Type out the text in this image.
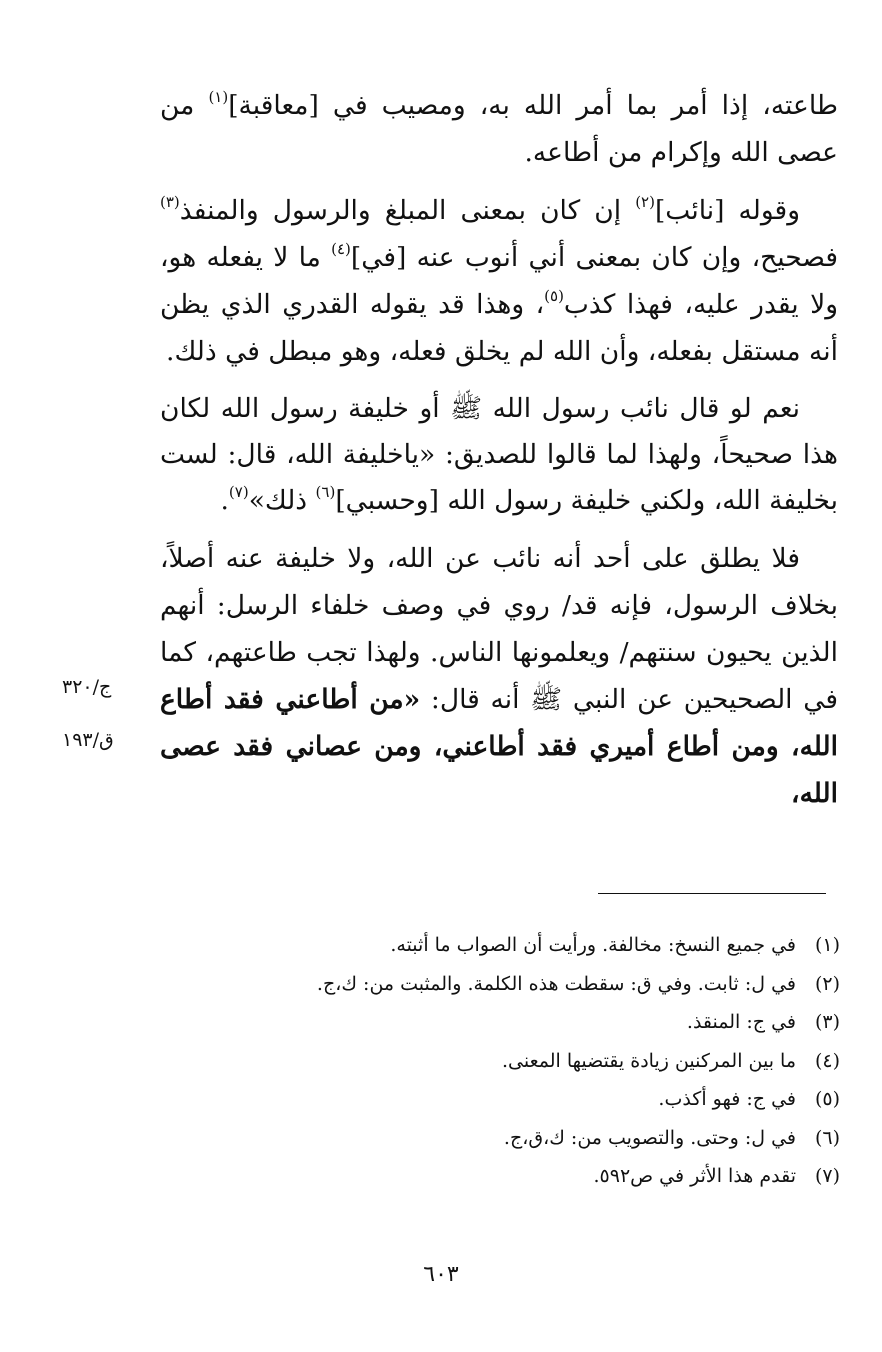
طاعته، إذا أمر بما أمر الله به، ومصيب في [معاقبة]$^{(١)}$ من عصى الله وإكرام من أطاعه.

وقوله [نائب]$^{(٢)}$ إن كان بمعنى المبلغ والرسول والمنفذ$^{(٣)}$ فصحيح، وإن كان بمعنى أني أنوب عنه [في]$^{(٤)}$ ما لا يفعله هو، ولا يقدر عليه، فهذا كذب$^{(٥)}$، وهذا قد يقوله القدري الذي يظن أنه مستقل بفعله، وأن الله لم يخلق فعله، وهو مبطل في ذلك.

نعم لو قال نائب رسول الله ﷺ أو خليفة رسول الله لكان هذا صحيحاً، ولهذا لما قالوا للصديق: «ياخليفة الله، قال: لست بخليفة الله، ولكني خليفة رسول الله [وحسبي]$^{(٦)}$ ذلك»$^{(٧)}$.

فلا يطلق على أحد أنه نائب عن الله، ولا خليفة عنه أصلاً، بخلاف الرسول، فإنه قد/ روي في وصف خلفاء الرسل: أنهم الذين يحيون سنتهم/ ويعلمونها الناس. ولهذا تجب طاعتهم، كما في الصحيحين عن النبي ﷺ أنه قال: «من أطاعني فقد أطاع الله، ومن أطاع أميري فقد أطاعني، ومن عصاني فقد عصى الله،

ج/٣٢٠
ق/١٩٣
(١)
في جميع النسخ: مخالفة. ورأيت أن الصواب ما أثبته.
(٢)
في ل: ثابت. وفي ق: سقطت هذه الكلمة. والمثبت من: ك،ج.
(٣)
في ج: المنقذ.
(٤)
ما بين المركنين زيادة يقتضيها المعنى.
(٥)
في ج: فهو أكذب.
(٦)
في ل: وحتى. والتصويب من: ك،ق،ج.
(٧)
تقدم هذا الأثر في ص٥٩٢.
٦٠٣
